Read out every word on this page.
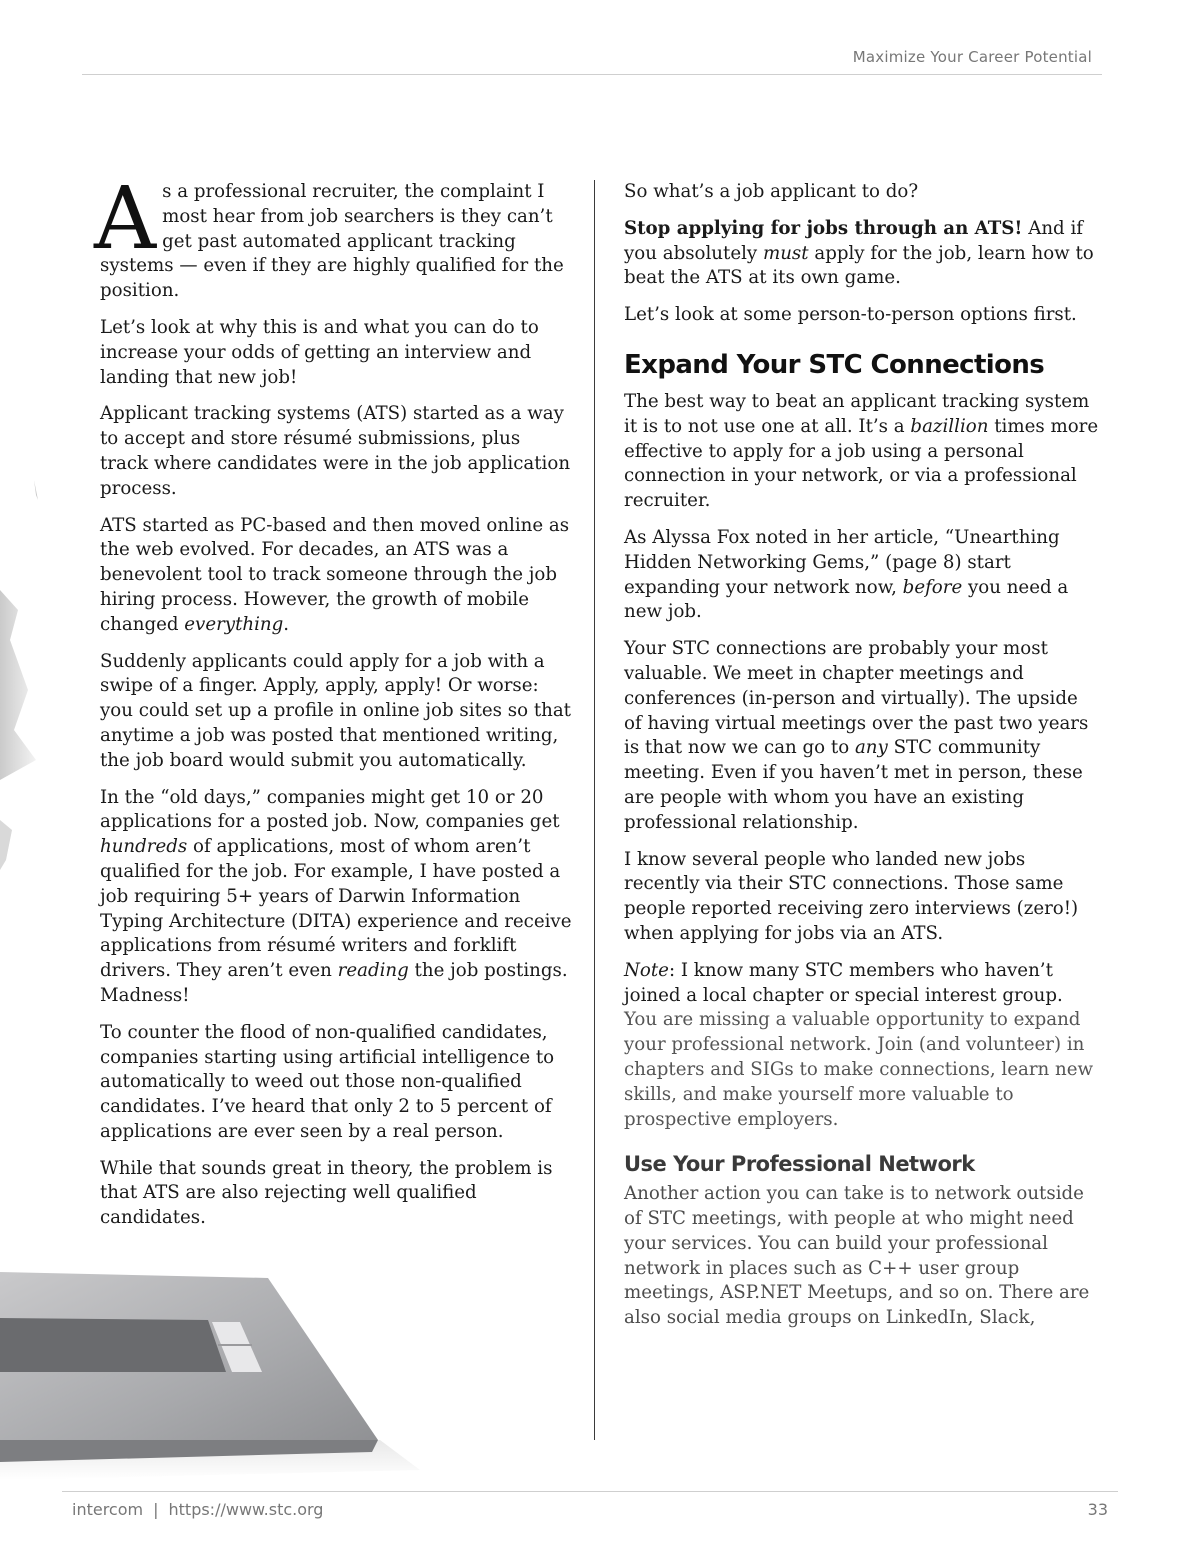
Maximize Your Career Potential

As a professional recruiter, the complaint I most hear from job searchers is they can’t get past automated applicant tracking systems — even if they are highly qualified for the position.

Let’s look at why this is and what you can do to increase your odds of getting an interview and landing that new job!

Applicant tracking systems (ATS) started as a way to accept and store résumé submissions, plus track where candidates were in the job application process.

ATS started as PC-based and then moved online as the web evolved. For decades, an ATS was a benevolent tool to track someone through the job hiring process. However, the growth of mobile changed everything.

Suddenly applicants could apply for a job with a swipe of a finger. Apply, apply, apply! Or worse: you could set up a profile in online job sites so that anytime a job was posted that mentioned writing, the job board would submit you automatically.

In the “old days,” companies might get 10 or 20 applications for a posted job. Now, companies get hundreds of applications, most of whom aren’t qualified for the job. For example, I have posted a job requiring 5+ years of Darwin Information Typing Architecture (DITA) experience and receive applications from résumé writers and forklift drivers. They aren’t even reading the job postings. Madness!

To counter the flood of non-qualified candidates, companies starting using artificial intelligence to automatically to weed out those non-qualified candidates. I’ve heard that only 2 to 5 percent of applications are ever seen by a real person.

While that sounds great in theory, the problem is that ATS are also rejecting well qualified candidates.

So what’s a job applicant to do?

Stop applying for jobs through an ATS! And if you absolutely must apply for the job, learn how to beat the ATS at its own game.

Let’s look at some person-to-person options first.

Expand Your STC Connections

The best way to beat an applicant tracking system it is to not use one at all. It’s a bazillion times more effective to apply for a job using a personal connection in your network, or via a professional recruiter.

As Alyssa Fox noted in her article, “Unearthing Hidden Networking Gems,” (page 8) start expanding your network now, before you need a new job.

Your STC connections are probably your most valuable. We meet in chapter meetings and conferences (in-person and virtually). The upside of having virtual meetings over the past two years is that now we can go to any STC community meeting. Even if you haven’t met in person, these are people with whom you have an existing professional relationship.

I know several people who landed new jobs recently via their STC connections. Those same people reported receiving zero interviews (zero!) when applying for jobs via an ATS.

Note: I know many STC members who haven’t joined a local chapter or special interest group. You are missing a valuable opportunity to expand your professional network. Join (and volunteer) in chapters and SIGs to make connections, learn new skills, and make yourself more valuable to prospective employers.

Use Your Professional Network

Another action you can take is to network outside of STC meetings, with people at who might need your services. You can build your professional network in places such as C++ user group meetings, ASP.NET Meetups, and so on. There are also social media groups on LinkedIn, Slack,

intercom | https://www.stc.org	33
